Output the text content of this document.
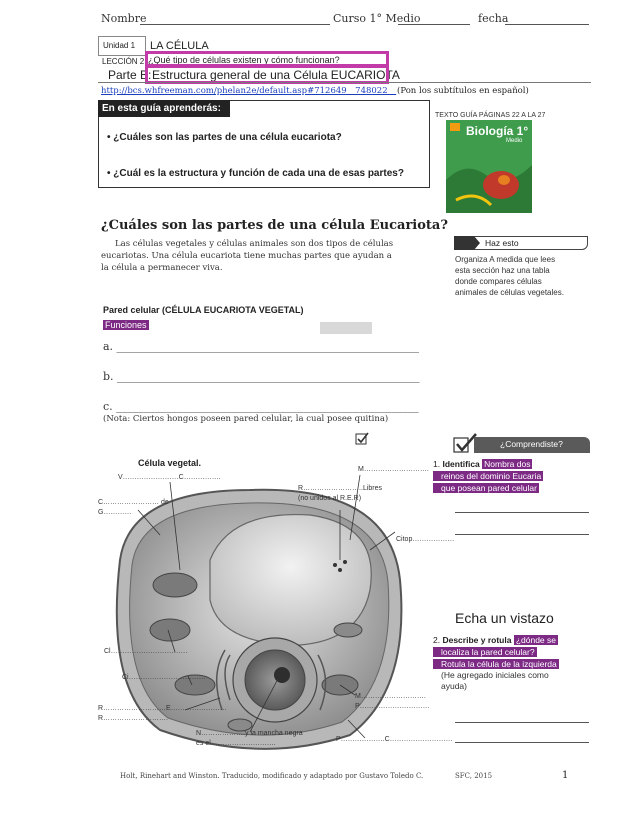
Nombre	Curso 1° Medio	fecha
Unidad 1	LA CÉLULA
LECCIÓN 2: ¿Qué tipo de células existen y cómo funcionan?
Parte B: Estructura general de una Célula EUCARIOTA
http://bcs.whfreeman.com/phelan2e/default.asp#712649__748022__ (Pon los subtítulos en español)
En esta guía aprenderás:
• ¿Cuáles son las partes de una célula eucariota?
• ¿Cuál es la estructura y función de cada una de esas partes?
TEXTO GUÍA PÁGINAS 22 A LA 27
Biología 1°
Medio
¿Cuáles son las partes de una célula Eucariota?
Las células vegetales y células animales son dos tipos de células eucariotas. Una célula eucariota tiene muchas partes que ayudan a la célula a permanecer viva.
Haz esto
Organiza A medida que lees esta sección haz una tabla donde compares células animales de células vegetales.
Pared celular (CÉLULA EUCARIOTA VEGETAL)
Funciones
a. _______________________________________________________
b. _______________________________________________________
c. _______________________________________________________
(Nota: Ciertos hongos poseen pared celular, la cual posee quitina)
¿Comprendiste?
1. Identifica Nombra dos
reinos del dominio Eucaria
que posean pared celular
Echa un vistazo
2. Describe y rotula ¿dónde se
localiza la pared celular?
Rotula la célula de la izquierda
(He agregado iniciales como ayuda)
Célula vegetal.
V……………………C…………….
C…………………… de
G…………
R……………………..Libres
(no unidos al R.E.R)
M……………………….
Citop………………
Cl……………………………
Ci……………………………
R………………………E……………………
R……………………….
N……………….y la mancha negra
es el……………………….
M……………………….
P…………………………
P……………….C………………………
Holt, Rinehart and Winston. Traducido, modificado y adaptado por Gustavo Toledo C.	SFC, 2015	1
